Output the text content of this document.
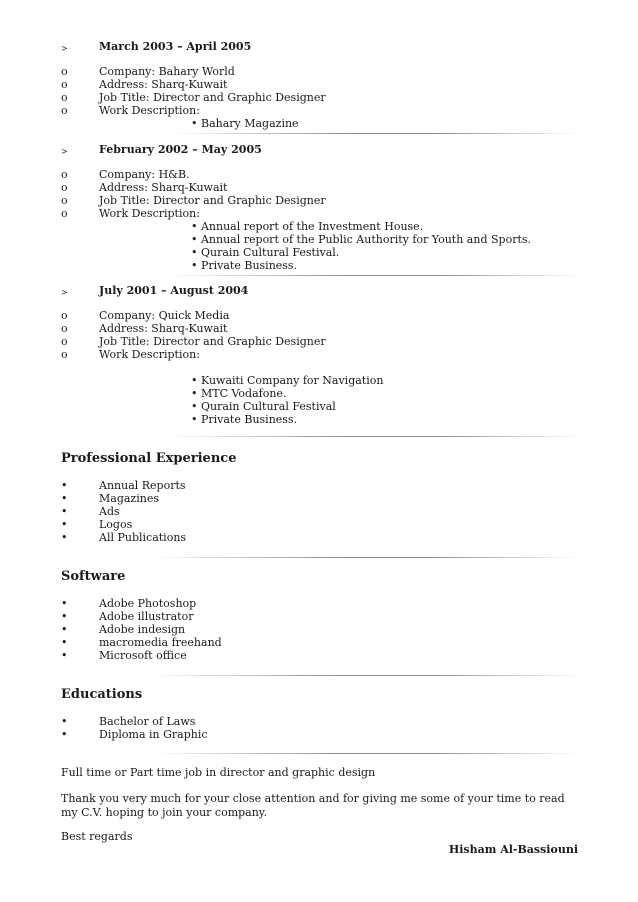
>	March 2003 – April 2005
o	Company: Bahary World
o	Address: Sharq-Kuwait
o	Job Title: Director and Graphic Designer
o	Work Description:
• Bahary Magazine
>	February 2002 – May 2005
o	Company: H&B.
o	Address: Sharq-Kuwait
o	Job Title: Director and Graphic Designer
o	Work Description:
• Annual report of the Investment House.
• Annual report of the Public Authority for Youth and Sports.
• Qurain Cultural Festival.
• Private Business.
>	July 2001 – August 2004
o	Company: Quick Media
o	Address: Sharq-Kuwait
o	Job Title: Director and Graphic Designer
o	Work Description:
• Kuwaiti Company for Navigation
• MTC Vodafone.
• Qurain Cultural Festival
• Private Business.
Professional Experience
•	Annual Reports
•	Magazines
•	Ads
•	Logos
•	All Publications
Software
•	Adobe Photoshop
•	Adobe illustrator
•	Adobe indesign
•	macromedia freehand
•	Microsoft office
Educations
•	Bachelor of Laws
•	Diploma in Graphic
Full time or Part time job in director and graphic design
Thank you very much for your close attention and for giving me some of your time to read my C.V. hoping to join your company.
Best regards
Hisham Al-Bassiouni
